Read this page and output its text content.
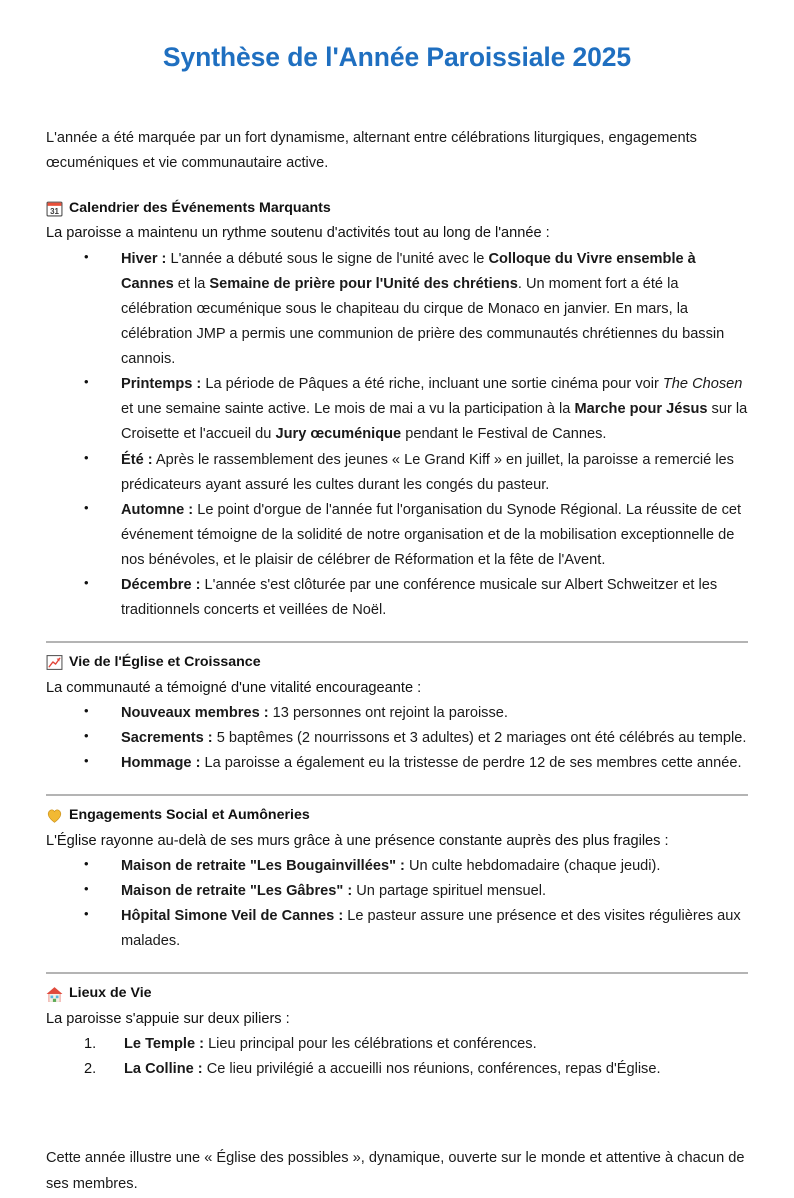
Synthèse de l'Année Paroissiale 2025

L'année a été marquée par un fort dynamisme, alternant entre célébrations liturgiques, engagements œcuméniques et vie communautaire active.

31 Calendrier des Événements Marquants

La paroisse a maintenu un rythme soutenu d'activités tout au long de l'année :

• Hiver : L'année a débuté sous le signe de l'unité avec le Colloque du Vivre ensemble à Cannes et la Semaine de prière pour l'Unité des chrétiens. Un moment fort a été la célébration œcuménique sous le chapiteau du cirque de Monaco en janvier. En mars, la célébration JMP a permis une communion de prière des communautés chrétiennes du bassin cannois.
• Printemps : La période de Pâques a été riche, incluant une sortie cinéma pour voir The Chosen et une semaine sainte active. Le mois de mai a vu la participation à la Marche pour Jésus sur la Croisette et l'accueil du Jury œcuménique pendant le Festival de Cannes.
• Été : Après le rassemblement des jeunes « Le Grand Kiff » en juillet, la paroisse a remercié les prédicateurs ayant assuré les cultes durant les congés du pasteur.
• Automne : Le point d'orgue de l'année fut l'organisation du Synode Régional. La réussite de cet événement témoigne de la solidité de notre organisation et de la mobilisation exceptionnelle de nos bénévoles, et le plaisir de célébrer de Réformation et la fête de l'Avent.
• Décembre : L'année s'est clôturée par une conférence musicale sur Albert Schweitzer et les traditionnels concerts et veillées de Noël.
Vie de l'Église et Croissance

La communauté a témoigné d'une vitalité encourageante :

• Nouveaux membres : 13 personnes ont rejoint la paroisse.
• Sacrements : 5 baptêmes (2 nourrissons et 3 adultes) et 2 mariages ont été célébrés au temple.
• Hommage : La paroisse a également eu la tristesse de perdre 12 de ses membres cette année.
Engagements Social et Aumôneries

L'Église rayonne au-delà de ses murs grâce à une présence constante auprès des plus fragiles :

• Maison de retraite "Les Bougainvillées" : Un culte hebdomadaire (chaque jeudi).
• Maison de retraite "Les Gâbres" : Un partage spirituel mensuel.
• Hôpital Simone Veil de Cannes : Le pasteur assure une présence et des visites régulières aux malades.
Lieux de Vie

La paroisse s'appuie sur deux piliers :

Le Temple : Lieu principal pour les célébrations et conférences.
La Colline : Ce lieu privilégié a accueilli nos réunions, conférences, repas d'Église.

Cette année illustre une « Église des possibles », dynamique, ouverte sur le monde et attentive à chacun de ses membres.
